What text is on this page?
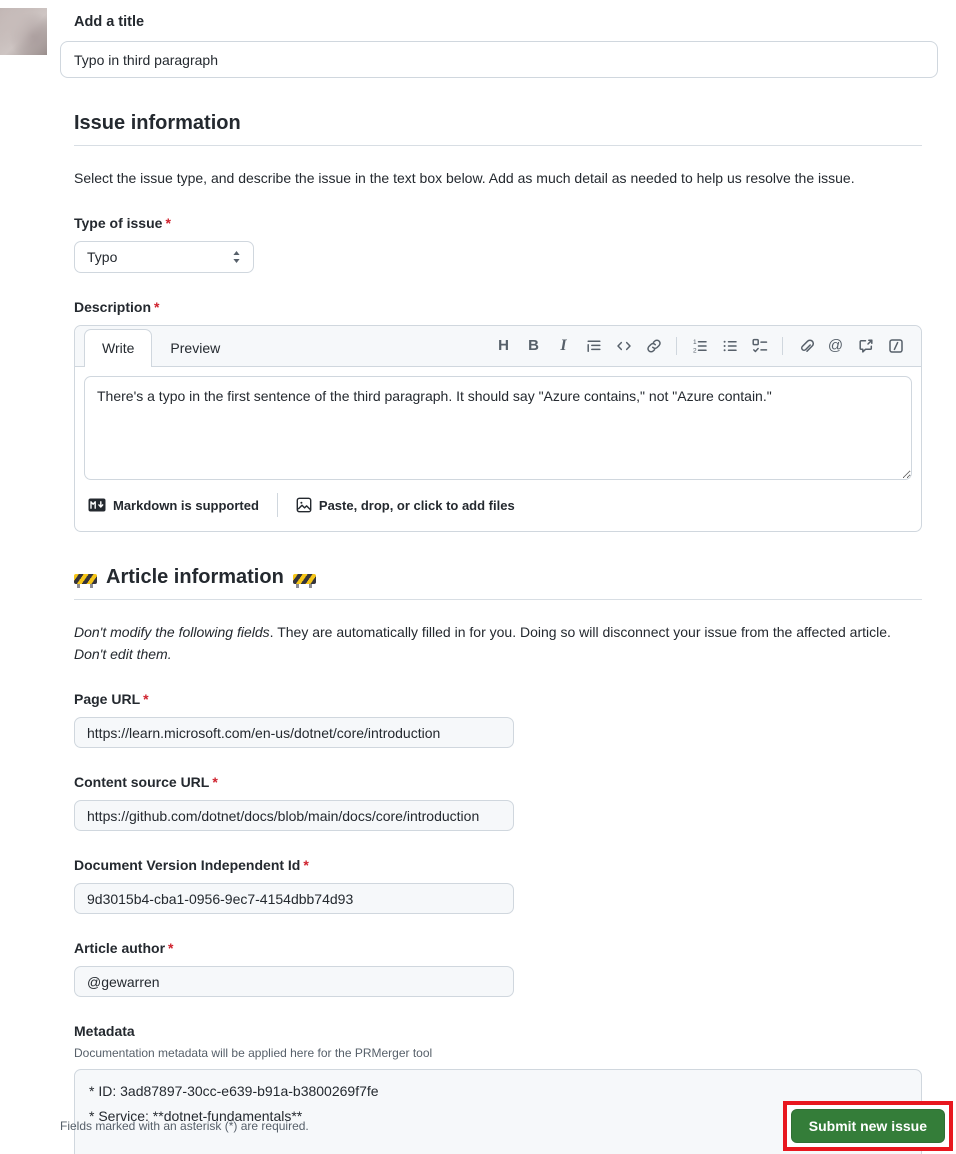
Add a title
Typo in third paragraph
Issue information

Select the issue type, and describe the issue in the text box below. Add as much detail as needed to help us resolve the issue.

Type of issue *
Typo
Description *
Write	Preview	H	B	I	1
2	@
There's a typo in the first sentence of the third paragraph. It should say "Azure contains," not "Azure contain."
Markdown is supported	Paste, drop, or click to add files
Article information

Don't modify the following fields. They are automatically filled in for you. Doing so will disconnect your issue from the affected article. Don't edit them.

Page URL *
https://learn.microsoft.com/en-us/dotnet/core/introduction
Content source URL *
https://github.com/dotnet/docs/blob/main/docs/core/introduction
Document Version Independent Id *
9d3015b4-cba1-0956-9ec7-4154dbb74d93
Article author *
@gewarren
Metadata
Documentation metadata will be applied here for the PRMerger tool
* ID: 3ad87897-30cc-e639-b91a-b3800269f7fe * Service: **dotnet-fundamentals**
Fields marked with an asterisk (*) are required.	Submit new issue
